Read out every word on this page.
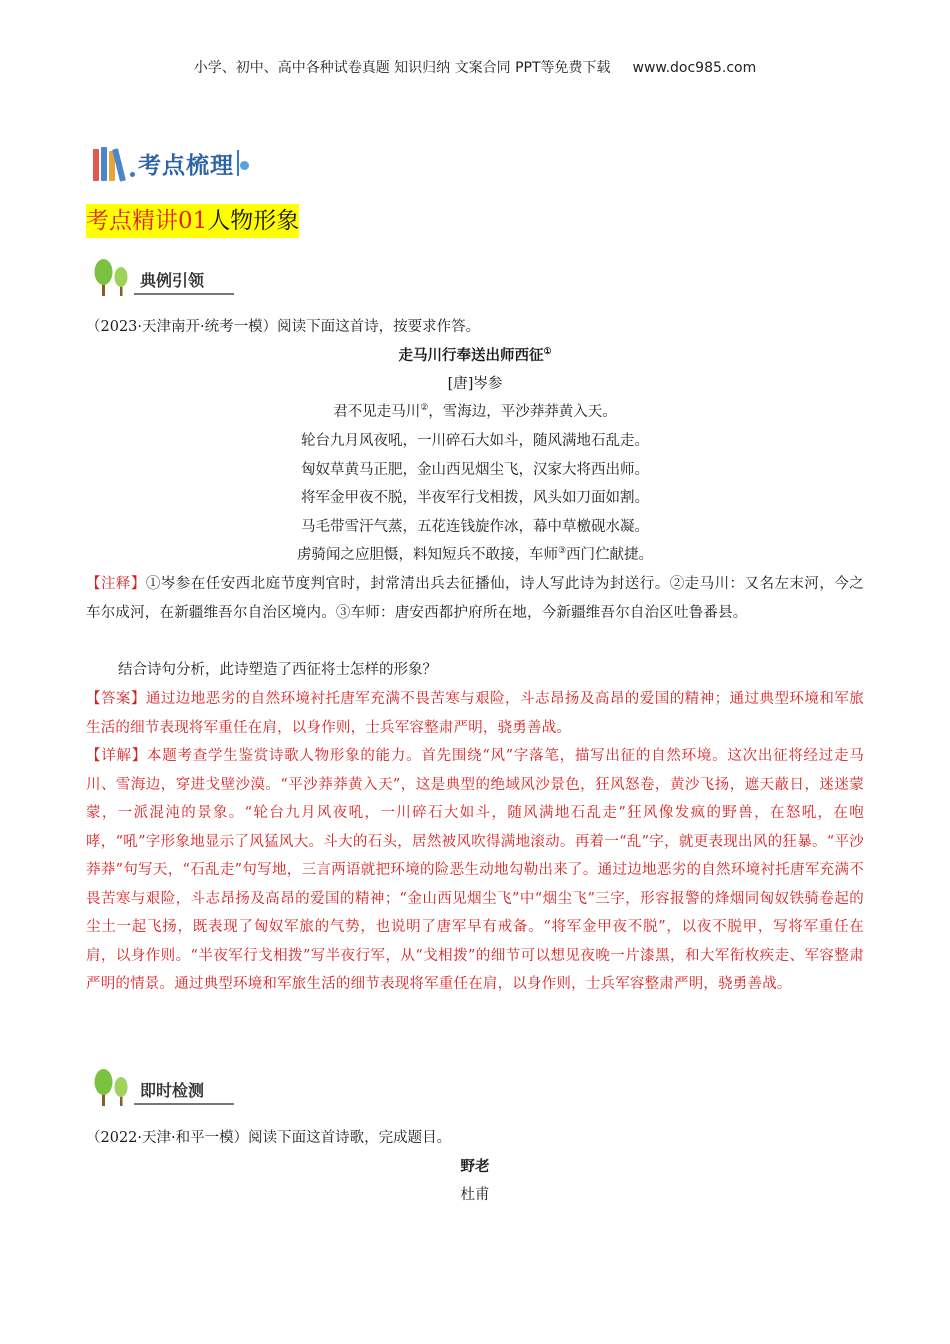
小学、初中、高中各种试卷真题 知识归纳 文案合同 PPT等免费下载 www.doc985.com
考点梳理
考点精讲01人物形象
典例引领
（2023·天津南开·统考一模）阅读下面这首诗，按要求作答。
走马川行奉送出师西征①
[唐]岑参
君不见走马川②，雪海边，平沙莽莽黄入天。
轮台九月风夜吼，一川碎石大如斗，随风满地石乱走。
匈奴草黄马正肥，金山西见烟尘飞，汉家大将西出师。
将军金甲夜不脱，半夜军行戈相拨，风头如刀面如割。
马毛带雪汗气蒸，五花连钱旋作冰，幕中草檄砚水凝。
虏骑闻之应胆慑，料知短兵不敢接，车师③西门伫献捷。
【注释】①岑参在任安西北庭节度判官时，封常清出兵去征播仙，诗人写此诗为封送行。②走马川：又名左末河，今之车尔成河，在新疆维吾尔自治区境内。③车师：唐安西都护府所在地，今新疆维吾尔自治区吐鲁番县。
结合诗句分析，此诗塑造了西征将士怎样的形象？
【答案】通过边地恶劣的自然环境衬托唐军充满不畏苦寒与艰险，斗志昂扬及高昂的爱国的精神；通过典型环境和军旅生活的细节表现将军重任在肩，以身作则，士兵军容整肃严明，骁勇善战。
【详解】本题考查学生鉴赏诗歌人物形象的能力。首先围绕“风”字落笔，描写出征的自然环境。这次出征将经过走马川、雪海边，穿进戈壁沙漠。“平沙莽莽黄入天”，这是典型的绝域风沙景色，狂风怒卷，黄沙飞扬，遮天蔽日，迷迷蒙蒙，一派混沌的景象。“轮台九月风夜吼，一川碎石大如斗，随风满地石乱走”狂风像发疯的野兽，在怒吼，在咆哮，“吼”字形象地显示了风猛风大。斗大的石头，居然被风吹得满地滚动。再着一“乱”字，就更表现出风的狂暴。“平沙莽莽”句写天，“石乱走”句写地，三言两语就把环境的险恶生动地勾勒出来了。通过边地恶劣的自然环境衬托唐军充满不畏苦寒与艰险，斗志昂扬及高昂的爱国的精神；“金山西见烟尘飞”中“烟尘飞”三字，形容报警的烽烟同匈奴铁骑卷起的尘土一起飞扬，既表现了匈奴军旅的气势，也说明了唐军早有戒备。“将军金甲夜不脱”，以夜不脱甲，写将军重任在肩，以身作则。“半夜军行戈相拨”写半夜行军，从“戈相拨”的细节可以想见夜晚一片漆黑，和大军衔枚疾走、军容整肃严明的情景。通过典型环境和军旅生活的细节表现将军重任在肩，以身作则，士兵军容整肃严明，骁勇善战。
即时检测
（2022·天津·和平一模）阅读下面这首诗歌，完成题目。
野老
杜甫
